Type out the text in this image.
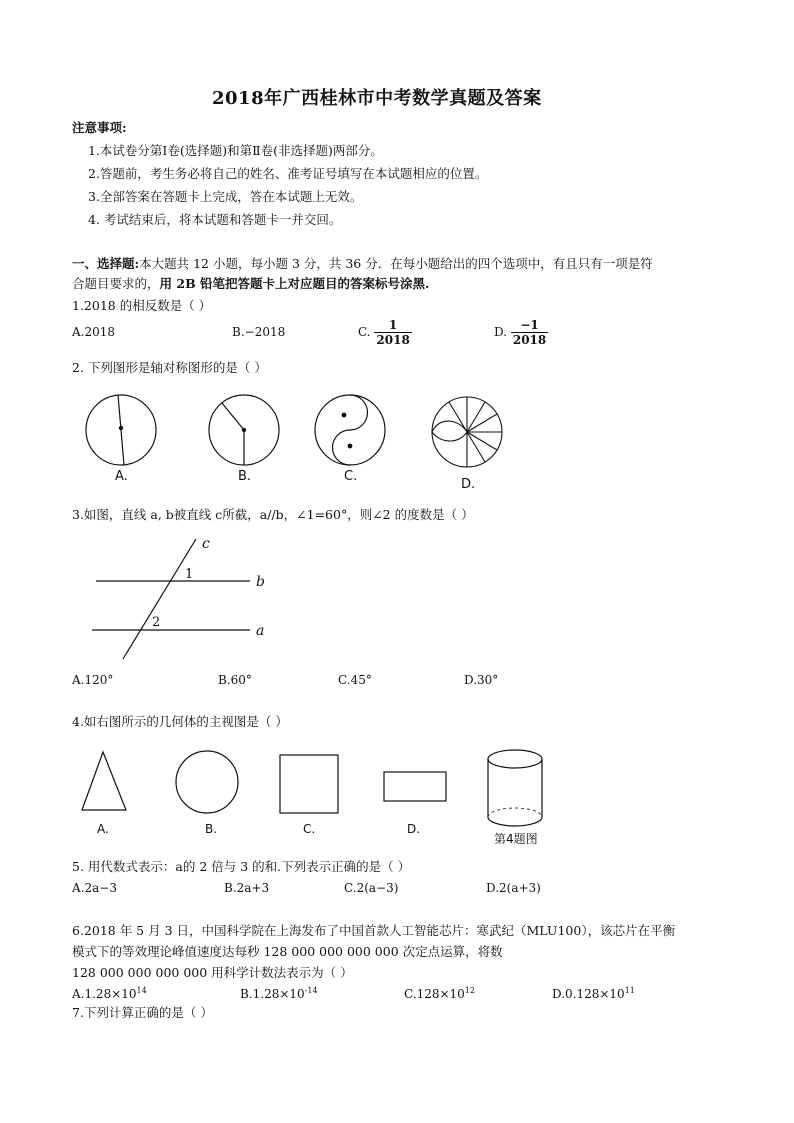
2018年广西桂林市中考数学真题及答案
注意事项:
1.本试卷分第Ⅰ卷(选择题)和第Ⅱ卷(非选择题)两部分。
2.答题前，考生务必将自己的姓名、准考证号填写在本试题相应的位置。
3.全部答案在答题卡上完成，答在本试题上无效。
4. 考试结束后，将本试题和答题卡一并交回。
一、选择题:本大题共 12 小题，每小题 3 分，共 36 分．在每小题给出的四个选项中，有且只有一项是符
合题目要求的，用 2B 铅笔把答题卡上对应题目的答案标号涂黑.
1.2018 的相反数是（ ）
A.2018	B.−2018	C. $\frac{1}{2018}$	D. $\frac{-1}{2018}$
2. 下列图形是轴对称图形的是（ ）
A.	B.	C.
D.
3.如图，直线 a, b被直线 c所截，a//b，∠1=60°，则∠2 的度数是（ ）
c
b
a
1
2
A.120°	B.60°	C.45°	D.30°
4.如右图所示的几何体的主视图是（ ）
A.	B.	C.	D.
第4题图
5. 用代数式表示：a的 2 倍与 3 的和.下列表示正确的是（ ）
A.2a−3	B.2a+3	C.2(a−3)	D.2(a+3)
6.2018 年 5 月 3 日，中国科学院在上海发布了中国首款人工智能芯片：寒武纪（MLU100），该芯片在平衡
模式下的等效理论峰值速度达每秒 128 000 000 000 000 次定点运算，将数
128 000 000 000 000 用科学计数法表示为（ ）
$A.1.28\times 10^{14}$	$B.1.28\times 10^{-14}$	$C.128\times 10^{12}$	$D.0.128\times 10^{11}$
7.下列计算正确的是（ ）
